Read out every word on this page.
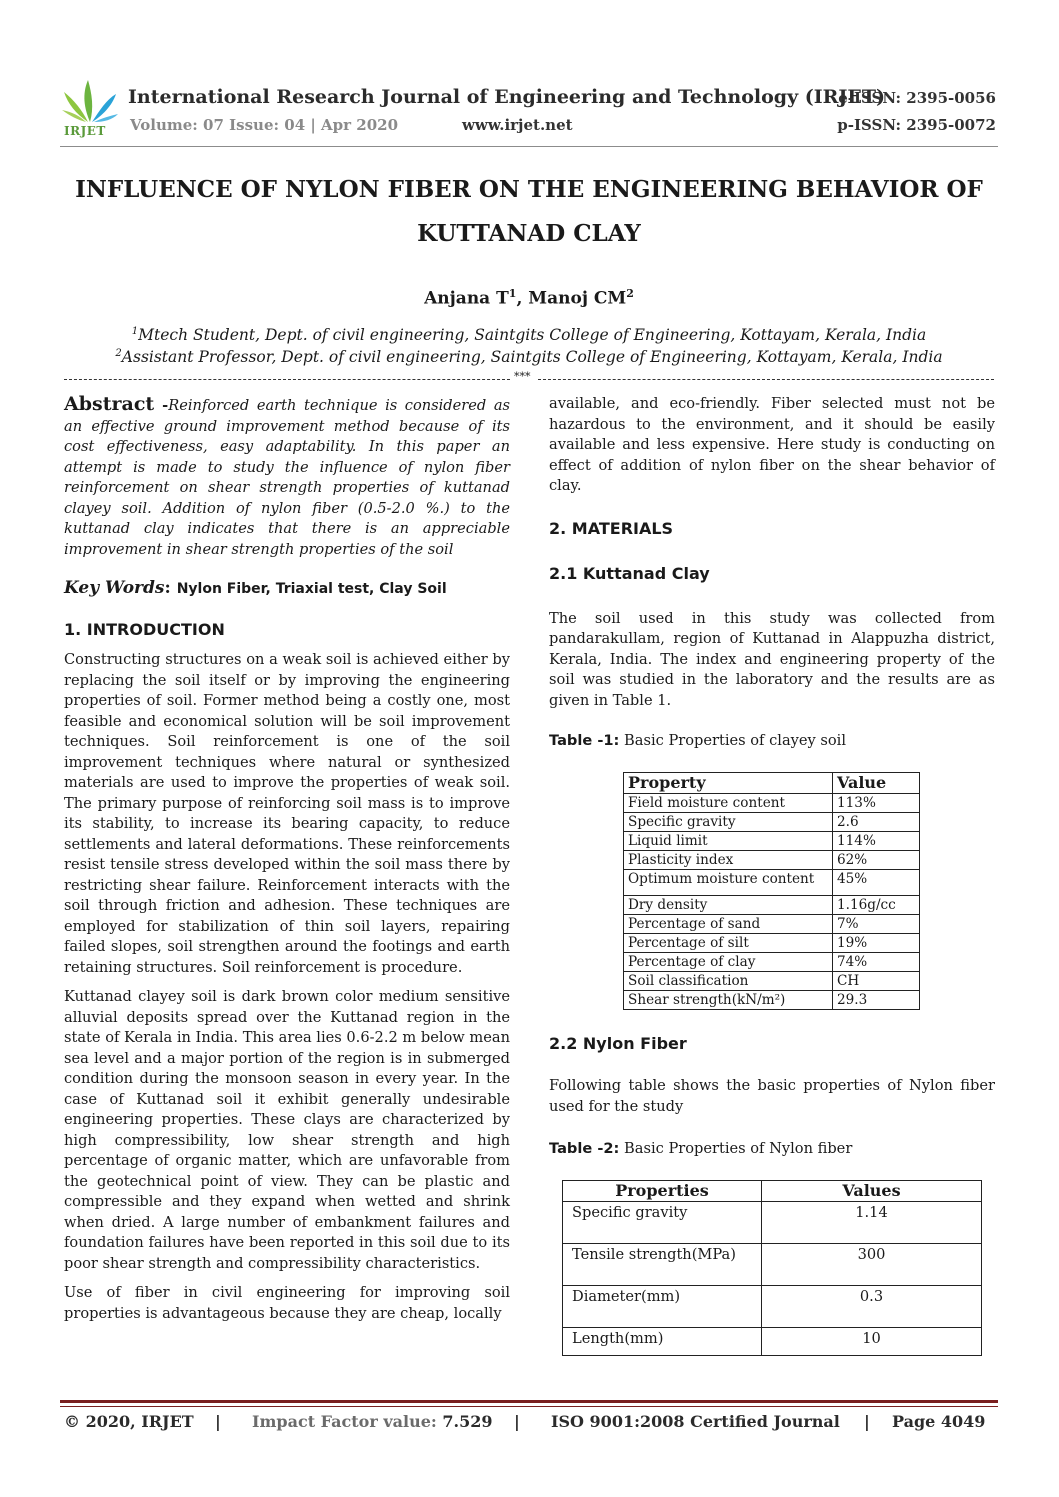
IRJET
International Research Journal of Engineering and Technology (IRJET)
Volume: 07 Issue: 04 | Apr 2020	www.irjet.net
e-ISSN: 2395-0056
p-ISSN: 2395-0072
INFLUENCE OF NYLON FIBER ON THE ENGINEERING BEHAVIOR OF
KUTTANAD CLAY
Anjana $T^1$, Manoj $CM^2$
$^1$Mtech Student, Dept. of civil engineering, Saintgits College of Engineering, Kottayam, Kerala, India
$^2$Assistant Professor, Dept. of civil engineering, Saintgits College of Engineering, Kottayam, Kerala, India
***

Abstract -Reinforced earth technique is considered as an effective ground improvement method because of its cost effectiveness, easy adaptability. In this paper an attempt is made to study the influence of nylon fiber reinforcement on shear strength properties of kuttanad clayey soil. Addition of nylon fiber (0.5-2.0 %.) to the kuttanad clay indicates that there is an appreciable improvement in shear strength properties of the soil

Key Words: Nylon Fiber, Triaxial test, Clay Soil

1. INTRODUCTION

Constructing structures on a weak soil is achieved either by replacing the soil itself or by improving the engineering properties of soil. Former method being a costly one, most feasible and economical solution will be soil improvement techniques. Soil reinforcement is one of the soil improvement techniques where natural or synthesized materials are used to improve the properties of weak soil. The primary purpose of reinforcing soil mass is to improve its stability, to increase its bearing capacity, to reduce settlements and lateral deformations. These reinforcements resist tensile stress developed within the soil mass there by restricting shear failure. Reinforcement interacts with the soil through friction and adhesion. These techniques are employed for stabilization of thin soil layers, repairing failed slopes, soil strengthen around the footings and earth retaining structures. Soil reinforcement is procedure.

Kuttanad clayey soil is dark brown color medium sensitive alluvial deposits spread over the Kuttanad region in the state of Kerala in India. This area lies 0.6-2.2 m below mean sea level and a major portion of the region is in submerged condition during the monsoon season in every year. In the case of Kuttanad soil it exhibit generally undesirable engineering properties. These clays are characterized by high compressibility, low shear strength and high percentage of organic matter, which are unfavorable from the geotechnical point of view. They can be plastic and compressible and they expand when wetted and shrink when dried. A large number of embankment failures and foundation failures have been reported in this soil due to its poor shear strength and compressibility characteristics.

Use of fiber in civil engineering for improving soil properties is advantageous because they are cheap, locally

available, and eco-friendly. Fiber selected must not be hazardous to the environment, and it should be easily available and less expensive. Here study is conducting on effect of addition of nylon fiber on the shear behavior of clay.

2. MATERIALS

2.1 Kuttanad Clay

The soil used in this study was collected from pandarakullam, region of Kuttanad in Alappuzha district, Kerala, India. The index and engineering property of the soil was studied in the laboratory and the results are as given in Table 1.

Table -1: Basic Properties of clayey soil

Property	Value
Field moisture content	113%
Specific gravity	2.6
Liquid limit	114%
Plasticity index	62%
Optimum moisture content	45%
Dry density	1.16g/cc
Percentage of sand	7%
Percentage of silt	19%
Percentage of clay	74%
Soil classification	CH
Shear strength(kN/m²)	29.3

2.2 Nylon Fiber

Following table shows the basic properties of Nylon fiber used for the study

Table -2: Basic Properties of Nylon fiber

Properties	Values
Specific gravity	1.14
Tensile strength(MPa)	300
Diameter(mm)	0.3
Length(mm)	10
© 2020, IRJET | Impact Factor value: 7.529 | ISO 9001:2008 Certified Journal | Page 4049
